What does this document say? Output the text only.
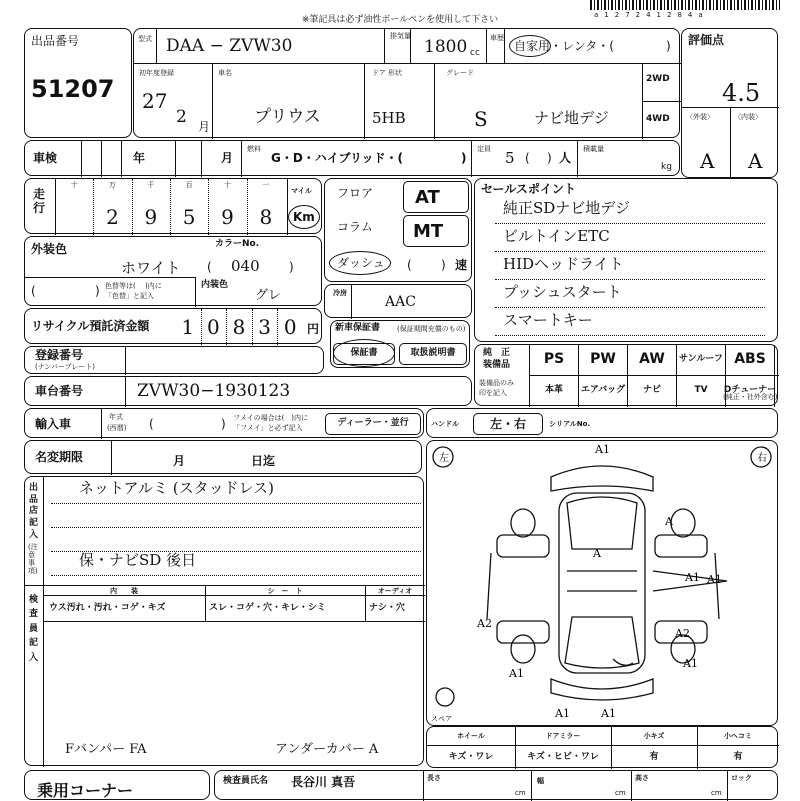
※筆記具は必ず油性ボールペンを使用して下さい	a127241284a
出品番号
51207
型式 DAA − ZVW30	排気量
1800 cc
車歴
自家用・レンタ・(	)
初年度登録
27
2 月
車名
プリウス
ドア 形状
5HB
グレード
S	ナビ地デジ
2WD
4WD
評価点
4.5
〈外装〉	〈内装〉
A A
車検	年	月
燃料
G・D・ハイブリッド・(	)
定員 5 ( ) 人
積載量
kg
走行
十	万
2
千
9
百
5
十
9
一
8
マイル
Km
外装色	カラーNo.
ホワイト	040
(	)
(	) 色替等は( )内に
「色替」と記入
内装色
グレ
フロア
コラム
ダッシュ
AT
MT
( ) 速
冷房
AAC
リサイクル預託済金額	1 0 8 3 0 円 新車保証書 (保証期間充償のもの)
保証書	取扱説明書
登録番号
(ナンバープレート)
車台番号	ZVW30−1930123
セールスポイント
純正SDナビ地デジ
ビルトインETC
HIDヘッドライト
プッシュスタート
スマートキー
純　正
装備品
装備品のみ
印を記入
PS	PW	AW	サンルーフ ABS
本革	エアバッグ	ナビ	TV	Dチューナー
(純正・社外含む)
輸入車	年式
(西暦) (	) フメイの場合は(　)内に
「フメイ」と必ず記入	ディーラー・並行	ハンドル	左・右	シリアルNo.
名変期限	月	日迄
出品店記入
(注意事項)
ネットアルミ (スタッドレス)
保・ナビSD 後日
検査員記入
内　　装	シ　ー　ト	オーディオ
ウス汚れ・汚れ・コゲ・キズ	スレ・コゲ・穴・キレ・シミ	ナシ・穴
Fバンパー FA	アンダーカバー A
左	右
スペア
A1
A
A
A1
A2
A1
A1	A1
A2
A1
A1
ホイール	ドアミラー	小キズ	小ヘコミ
キズ・ワレ	キズ・ヒビ・ワレ	有	有
乗用コーナー	検査員氏名 長谷川 真吾	長さ
cm
幅
cm
高さ
cm
ロック
